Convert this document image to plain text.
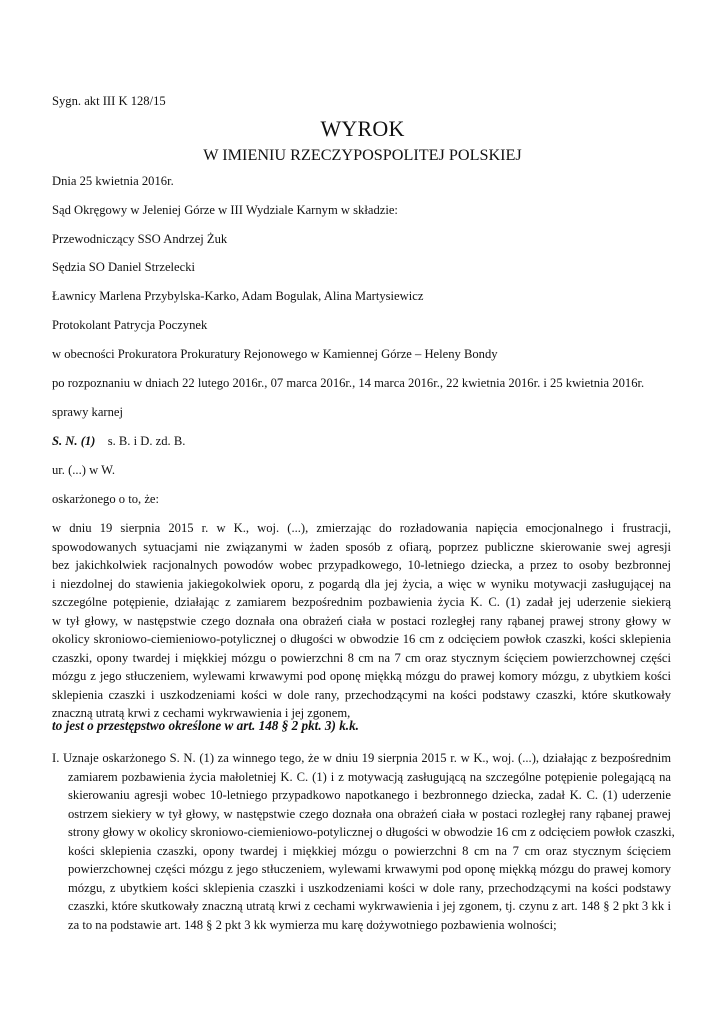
Sygn. akt III K 128/15
WYROK
W IMIENIU RZECZYPOSPOLITEJ POLSKIEJ
Dnia 25 kwietnia 2016r.
Sąd Okręgowy w Jeleniej Górze w III Wydziale Karnym w składzie:
Przewodniczący SSO Andrzej Żuk
Sędzia SO Daniel Strzelecki
Ławnicy Marlena Przybylska-Karko, Adam Bogulak, Alina Martysiewicz
Protokolant Patrycja Poczynek
w obecności Prokuratora Prokuratury Rejonowego w Kamiennej Górze – Heleny Bondy
po rozpoznaniu w dniach 22 lutego 2016r., 07 marca 2016r., 14 marca 2016r., 22 kwietnia 2016r. i 25 kwietnia 2016r.
sprawy karnej
S. N. (1) s. B. i D. zd. B.
ur. (...) w W.
oskarżonego o to, że:
w dniu 19 sierpnia 2015 r. w K., woj. (...), zmierzając do rozładowania napięcia emocjonalnego i frustracji,
spowodowanych sytuacjami nie związanymi w żaden sposób z ofiarą, poprzez publiczne skierowanie swej agresji
bez jakichkolwiek racjonalnych powodów wobec przypadkowego, 10-letniego dziecka, a przez to osoby bezbronnej
i niezdolnej do stawienia jakiegokolwiek oporu, z pogardą dla jej życia, a więc w wyniku motywacji zasługującej na
szczególne potępienie, działając z zamiarem bezpośrednim pozbawienia życia K. C. (1) zadał jej uderzenie siekierą
w tył głowy, w następstwie czego doznała ona obrażeń ciała w postaci rozległej rany rąbanej prawej strony głowy w
okolicy skroniowo-ciemieniowo-potylicznej o długości w obwodzie 16 cm z odcięciem powłok czaszki, kości sklepienia
czaszki, opony twardej i miękkiej mózgu o powierzchni 8 cm na 7 cm oraz stycznym ścięciem powierzchownej części
mózgu z jego stłuczeniem, wylewami krwawymi pod oponę miękką mózgu do prawej komory mózgu, z ubytkiem kości
sklepienia czaszki i uszkodzeniami kości w dole rany, przechodzącymi na kości podstawy czaszki, które skutkowały
znaczną utratą krwi z cechami wykrwawienia i jej zgonem,
to jest o przestępstwo określone w art. 148 § 2 pkt. 3) k.k.
I. Uznaje oskarżonego S. N. (1) za winnego tego, że w dniu 19 sierpnia 2015 r. w K., woj. (...), działając z bezpośrednim
zamiarem pozbawienia życia małoletniej K. C. (1) i z motywacją zasługującą na szczególne potępienie polegającą na
skierowaniu agresji wobec 10-letniego przypadkowo napotkanego i bezbronnego dziecka, zadał K. C. (1) uderzenie
ostrzem siekiery w tył głowy, w następstwie czego doznała ona obrażeń ciała w postaci rozległej rany rąbanej prawej
strony głowy w okolicy skroniowo-ciemieniowo-potylicznej o długości w obwodzie 16 cm z odcięciem powłok czaszki,
kości sklepienia czaszki, opony twardej i miękkiej mózgu o powierzchni 8 cm na 7 cm oraz stycznym ścięciem
powierzchownej części mózgu z jego stłuczeniem, wylewami krwawymi pod oponę miękką mózgu do prawej komory
mózgu, z ubytkiem kości sklepienia czaszki i uszkodzeniami kości w dole rany, przechodzącymi na kości podstawy
czaszki, które skutkowały znaczną utratą krwi z cechami wykrwawienia i jej zgonem, tj. czynu z art. 148 § 2 pkt 3 kk i
za to na podstawie art. 148 § 2 pkt 3 kk wymierza mu karę dożywotniego pozbawienia wolności;
